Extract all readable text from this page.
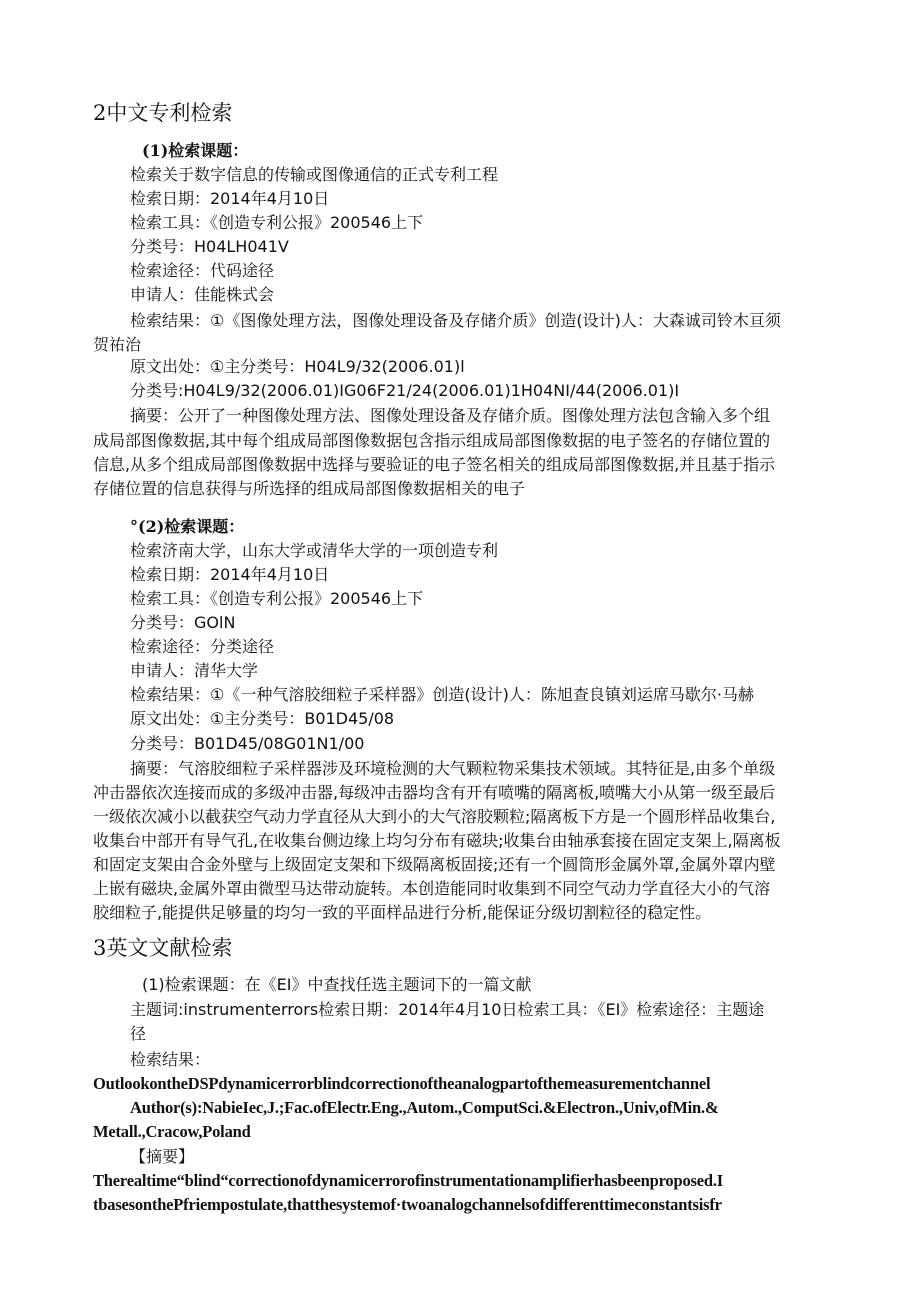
2中文专利检索
(1)检索课题：
检索关于数字信息的传输或图像通信的正式专利工程
检索日期：2014年4月10日
检索工具：《创造专利公报》200546上下
分类号：H04LH041V
检索途径：代码途径
申请人：佳能株式会
检索结果：①《图像处理方法，图像处理设备及存储介质》创造(设计)人：大森诚司铃木亘须
贺祐治
原文出处：①主分类号：H04L9/32(2006.01)l
分类号:H04L9/32(2006.01)IG06F21/24(2006.01)1H04NI/44(2006.01)I
摘要：公开了一种图像处理方法、图像处理设备及存储介质。图像处理方法包含输入多个组
成局部图像数据,其中每个组成局部图像数据包含指示组成局部图像数据的电子签名的存储位置的
信息,从多个组成局部图像数据中选择与要验证的电子签名相关的组成局部图像数据,并且基于指示
存储位置的信息获得与所选择的组成局部图像数据相关的电子
°(2)检索课题：
检索济南大学，山东大学或清华大学的一项创造专利
检索日期：2014年4月10日
检索工具：《创造专利公报》200546上下
分类号：GOlN
检索途径：分类途径
申请人：清华大学
检索结果：①《一种气溶胶细粒子采样器》创造(设计)人：陈旭查良镇刘运席马歇尔·马赫
原文出处：①主分类号：B01D45/08
分类号：B01D45/08G01N1/00
摘要：气溶胶细粒子采样器涉及环境检测的大气颗粒物采集技术领域。其特征是,由多个单级
冲击器依次连接而成的多级冲击器,每级冲击器均含有开有喷嘴的隔离板,喷嘴大小从第一级至最后
一级依次减小以截获空气动力学直径从大到小的大气溶胶颗粒;隔离板下方是一个圆形样品收集台,
收集台中部开有导气孔,在收集台侧边缘上均匀分布有磁块;收集台由轴承套接在固定支架上,隔离板
和固定支架由合金外壁与上级固定支架和下级隔离板固接;还有一个圆筒形金属外罩,金属外罩内壁
上嵌有磁块,金属外罩由微型马达带动旋转。本创造能同时收集到不同空气动力学直径大小的气溶
胶细粒子,能提供足够量的均匀一致的平面样品进行分析,能保证分级切割粒径的稳定性。
3英文文献检索
(1)检索课题：在《EI》中查找任选主题词下的一篇文献
主题词:instrumenterrors检索日期：2014年4月10日检索工具：《EI》检索途径：主题途
径
检索结果：
OutlookontheDSPdynamicerrorblindcorrectionoftheanalogpartofthemeasurementchannel
Author(s):NabieIec,J.;Fac.ofElectr.Eng.,Autom.,ComputSci.&Electron.,Univ,ofMin.&
Metall.,Cracow,Poland
【摘要】
Therealtime“blind“correctionofdynamicerrorofinstrumentationamplifierhasbeenproposed.I
tbasesonthePfriempostulate,thatthesystemof·twoanalogchannelsofdifferenttimeconstantsisfr
